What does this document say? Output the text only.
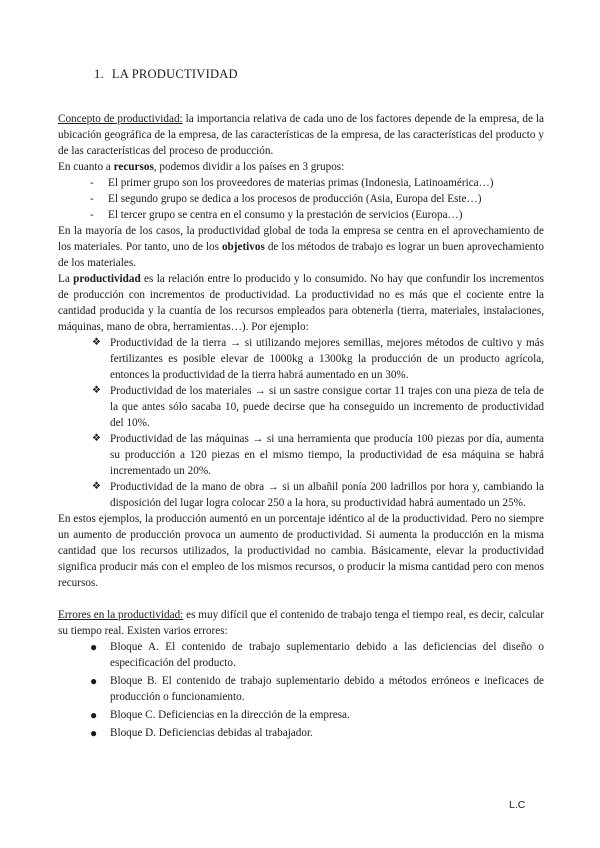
1. LA PRODUCTIVIDAD

Concepto de productividad: la importancia relativa de cada uno de los factores depende de la empresa, de la ubicación geográfica de la empresa, de las características de la empresa, de las características del producto y de las características del proceso de producción.

En cuanto a recursos, podemos dividir a los países en 3 grupos:

- El primer grupo son los proveedores de materias primas (Indonesia, Latinoamérica…)
- El segundo grupo se dedica a los procesos de producción (Asia, Europa del Este…)
- El tercer grupo se centra en el consumo y la prestación de servicios (Europa…)

En la mayoría de los casos, la productividad global de toda la empresa se centra en el aprovechamiento de los materiales. Por tanto, uno de los objetivos de los métodos de trabajo es lograr un buen aprovechamiento de los materiales.

La productividad es la relación entre lo producido y lo consumido. No hay que confundir los incrementos de producción con incrementos de productividad. La productividad no es más que el cociente entre la cantidad producida y la cuantía de los recursos empleados para obtenerla (tierra, materiales, instalaciones, máquinas, mano de obra, herramientas…). Por ejemplo:

❖ Productividad de la tierra → si utilizando mejores semillas, mejores métodos de cultivo y más fertilizantes es posible elevar de 1000kg a 1300kg la producción de un producto agrícola, entonces la productividad de la tierra habrá aumentado en un 30%.
❖ Productividad de los materiales → si un sastre consigue cortar 11 trajes con una pieza de tela de la que antes sólo sacaba 10, puede decirse que ha conseguido un incremento de productividad del 10%.
❖ Productividad de las máquinas → si una herramienta que producía 100 piezas por día, aumenta su producción a 120 piezas en el mismo tiempo, la productividad de esa máquina se habrá incrementado un 20%.
❖ Productividad de la mano de obra → si un albañil ponía 200 ladrillos por hora y, cambiando la disposición del lugar logra colocar 250 a la hora, su productividad habrá aumentado un 25%.

En estos ejemplos, la producción aumentó en un porcentaje idéntico al de la productividad. Pero no siempre un aumento de producción provoca un aumento de productividad. Si aumenta la producción en la misma cantidad que los recursos utilizados, la productividad no cambia. Básicamente, elevar la productividad significa producir más con el empleo de los mismos recursos, o producir la misma cantidad pero con menos recursos.

Errores en la productividad: es muy difícil que el contenido de trabajo tenga el tiempo real, es decir, calcular su tiempo real. Existen varios errores:

● Bloque A. El contenido de trabajo suplementario debido a las deficiencias del diseño o especificación del producto.
● Bloque B. El contenido de trabajo suplementario debido a métodos erróneos e ineficaces de producción o funcionamiento.
● Bloque C. Deficiencias en la dirección de la empresa.
● Bloque D. Deficiencias debidas al trabajador.
L.C
